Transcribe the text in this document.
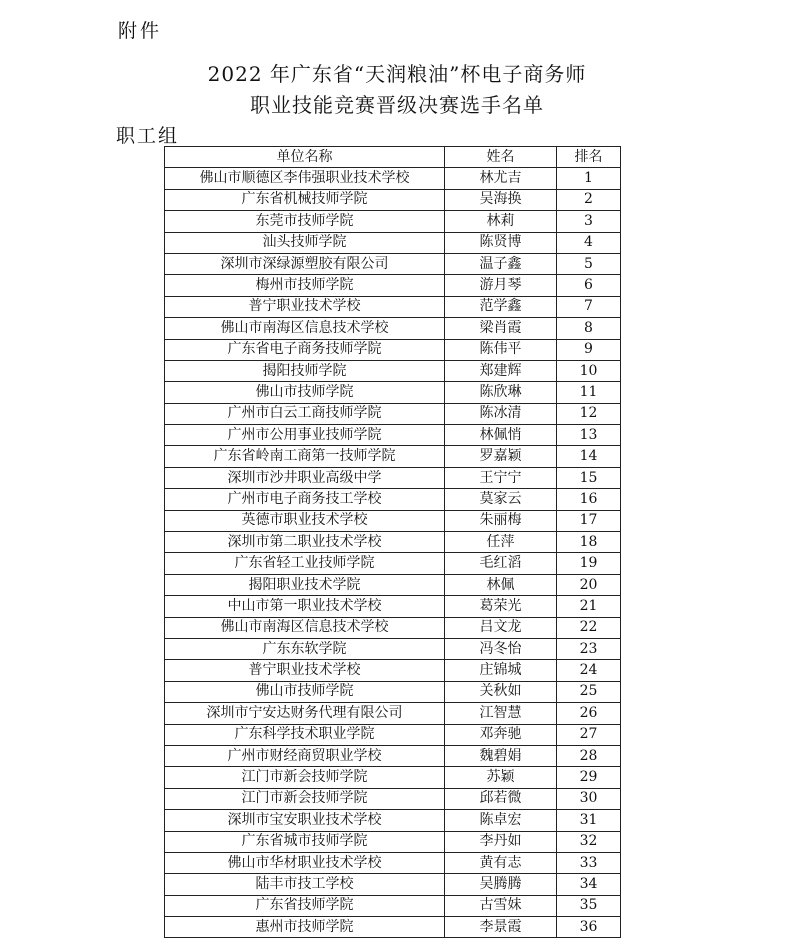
附件
2022 年广东省“天润粮油”杯电子商务师
职业技能竞赛晋级决赛选手名单
职工组
单位名称	姓名	排名
佛山市顺德区李伟强职业技术学校	林尤吉	1
广东省机械技师学院	吴海换	2
东莞市技师学院	林莉	3
汕头技师学院	陈贤博	4
深圳市深绿源塑胶有限公司	温子鑫	5
梅州市技师学院	游月琴	6
普宁职业技术学校	范学鑫	7
佛山市南海区信息技术学校	梁肖霞	8
广东省电子商务技师学院	陈伟平	9
揭阳技师学院	郑建辉	10
佛山市技师学院	陈欣琳	11
广州市白云工商技师学院	陈冰清	12
广州市公用事业技师学院	林佩悄	13
广东省岭南工商第一技师学院	罗嘉颖	14
深圳市沙井职业高级中学	王宁宁	15
广州市电子商务技工学校	莫家云	16
英德市职业技术学校	朱丽梅	17
深圳市第二职业技术学校	任萍	18
广东省轻工业技师学院	毛红滔	19
揭阳职业技术学院	林佩	20
中山市第一职业技术学校	葛荣光	21
佛山市南海区信息技术学校	吕文龙	22
广东东软学院	冯冬怡	23
普宁职业技术学校	庄锦城	24
佛山市技师学院	关秋如	25
深圳市宁安达财务代理有限公司	江智慧	26
广东科学技术职业学院	邓奔驰	27
广州市财经商贸职业学校	魏碧娟	28
江门市新会技师学院	苏颖	29
江门市新会技师学院	邱若微	30
深圳市宝安职业技术学校	陈卓宏	31
广东省城市技师学院	李丹如	32
佛山市华材职业技术学校	黄有志	33
陆丰市技工学校	吴腾腾	34
广东省技师学院	古雪妹	35
惠州市技师学院	李景霞	36
